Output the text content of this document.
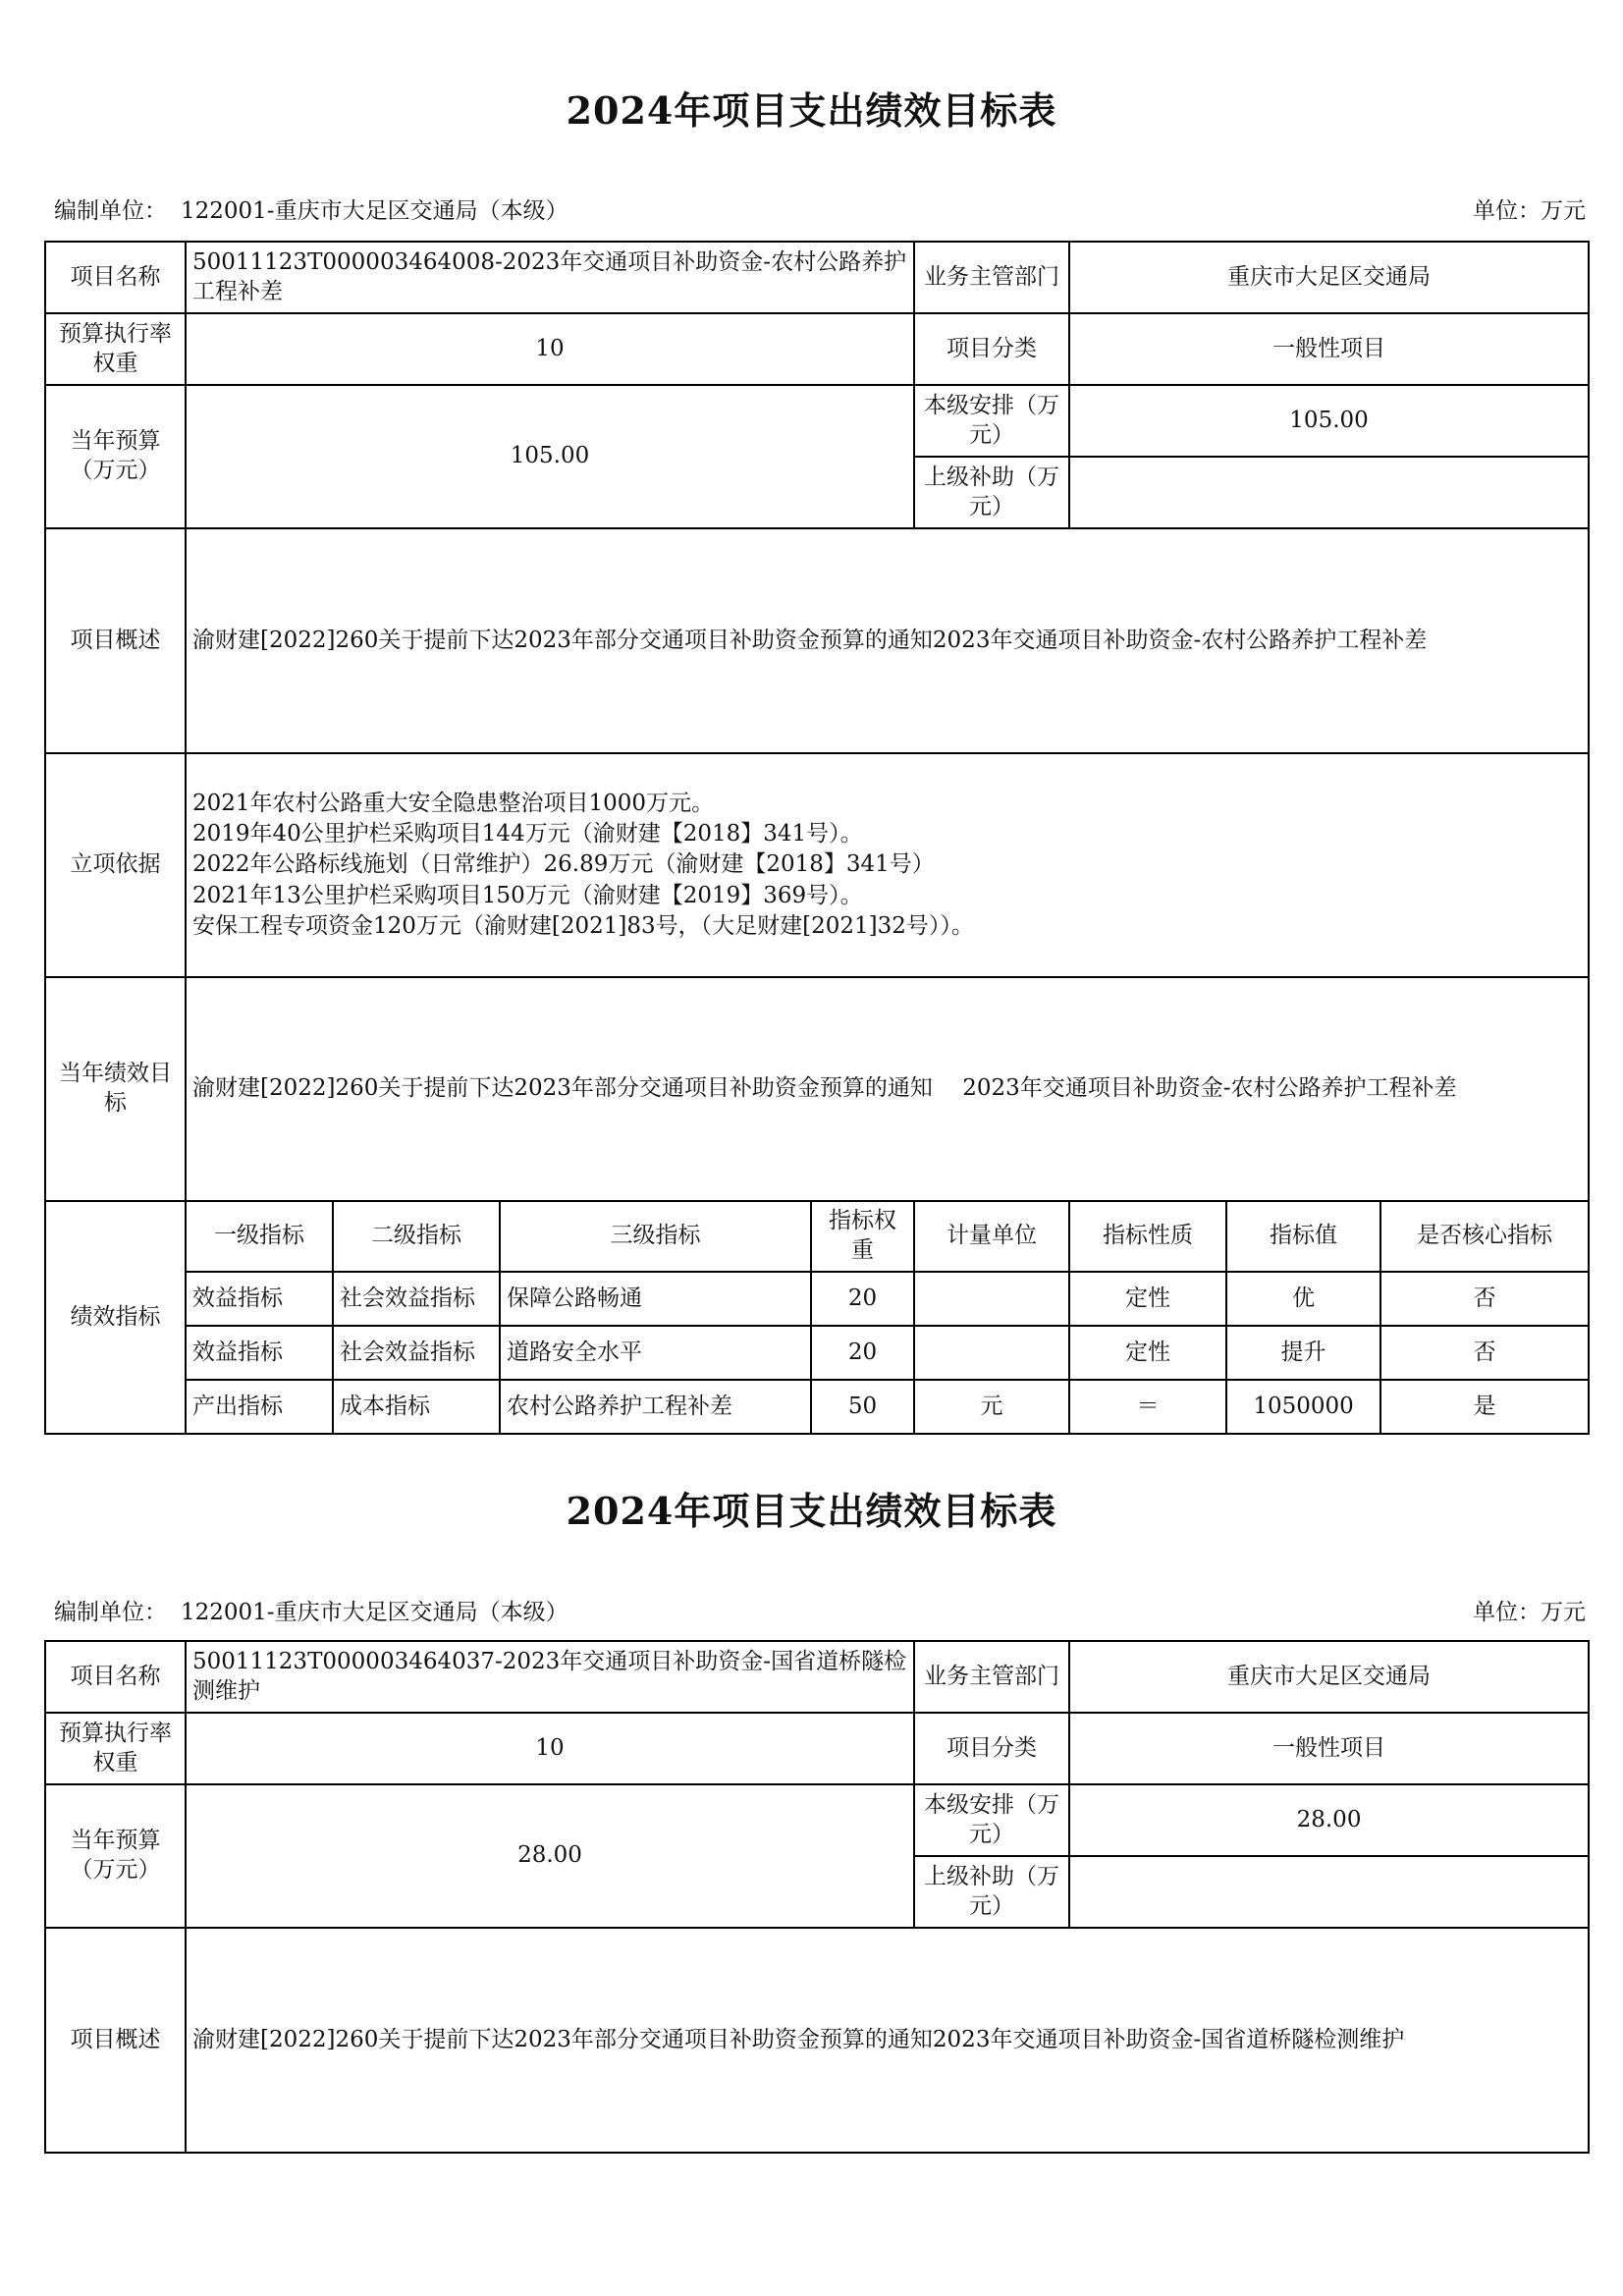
2024年项目支出绩效目标表
编制单位： 122001-重庆市大足区交通局（本级）	单位：万元
项目名称	50011123T000003464008-2023年交通项目补助资金-农村公路养护工程补差				业务主管部门	重庆市大足区交通局		
预算执行率权重	10				项目分类	一般性项目		
当年预算（万元）	105.00				本级安排（万元）	105.00		
					上级补助（万元）			
项目概述	渝财建[2022]260关于提前下达2023年部分交通项目补助资金预算的通知2023年交通项目补助资金-农村公路养护工程补差							
立项依据	2021年农村公路重大安全隐患整治项目1000万元。
2019年40公里护栏采购项目144万元（渝财建【2018】341号）。
2022年公路标线施划（日常维护）26.89万元（渝财建【2018】341号）
2021年13公里护栏采购项目150万元（渝财建【2019】369号）。
安保工程专项资金120万元（渝财建[2021]83号，（大足财建[2021]32号））。							

当年绩效目标	渝财建[2022]260关于提前下达2023年部分交通项目补助资金预算的通知　 2023年交通项目补助资金-农村公路养护工程补差							
绩效指标	一级指标	二级指标	三级指标	指标权重	计量单位	指标性质	指标值	是否核心指标
	效益指标	社会效益指标	保障公路畅通	20		定性	优	否
	效益指标	社会效益指标	道路安全水平	20		定性	提升	否
	产出指标	成本指标	农村公路养护工程补差	50	元	＝	1050000	是
2024年项目支出绩效目标表
编制单位： 122001-重庆市大足区交通局（本级）	单位：万元
项目名称	50011123T000003464037-2023年交通项目补助资金-国省道桥隧检测维护	业务主管部门	重庆市大足区交通局
预算执行率权重	10	项目分类	一般性项目
当年预算（万元）	28.00	本级安排（万元）	28.00
		上级补助（万元）	
项目概述	渝财建[2022]260关于提前下达2023年部分交通项目补助资金预算的通知2023年交通项目补助资金-国省道桥隧检测维护		
